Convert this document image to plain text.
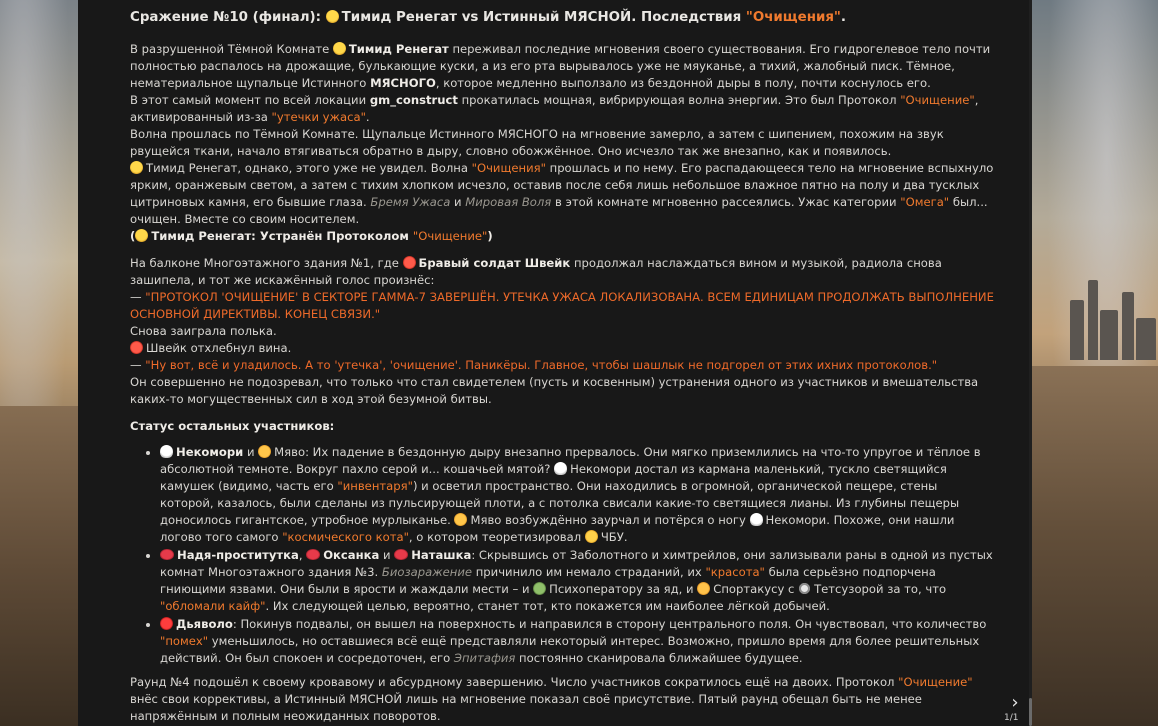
Сражение №10 (финал): Тимид Ренегат vs Истинный МЯСНОЙ. Последствия "Очищения".
В разрушенной Тёмной Комнате Тимид Ренегат переживал последние мгновения своего существования. Его гидрогелевое тело почти полностью распалось на дрожащие, булькающие куски, а из его рта вырывалось уже не мяуканье, а тихий, жалобный писк. Тёмное, нематериальное щупальце Истинного МЯСНОГО, которое медленно выползало из бездонной дыры в полу, почти коснулось его.
В этот самый момент по всей локации gm_construct прокатилась мощная, вибрирующая волна энергии. Это был Протокол "Очищение", активированный из-за "утечки ужаса".
Волна прошлась по Тёмной Комнате. Щупальце Истинного МЯСНОГО на мгновение замерло, а затем с шипением, похожим на звук рвущейся ткани, начало втягиваться обратно в дыру, словно обожжённое. Оно исчезло так же внезапно, как и появилось.
Тимид Ренегат, однако, этого уже не увидел. Волна "Очищения" прошлась и по нему. Его распадающееся тело на мгновение вспыхнуло ярким, оранжевым светом, а затем с тихим хлопком исчезло, оставив после себя лишь небольшое влажное пятно на полу и два тусклых цитриновых камня, его бывшие глаза. Бремя Ужаса и Мировая Воля в этой комнате мгновенно рассеялись. Ужас категории "Омега" был... очищен. Вместе со своим носителем.
( Тимид Ренегат: Устранён Протоколом "Очищение")
На балконе Многоэтажного здания №1, где Бравый солдат Швейк продолжал наслаждаться вином и музыкой, радиола снова зашипела, и тот же искажённый голос произнёс:
— "ПРОТОКОЛ 'ОЧИЩЕНИЕ' В СЕКТОРЕ ГАММА-7 ЗАВЕРШЁН. УТЕЧКА УЖАСА ЛОКАЛИЗОВАНА. ВСЕМ ЕДИНИЦАМ ПРОДОЛЖАТЬ ВЫПОЛНЕНИЕ ОСНОВНОЙ ДИРЕКТИВЫ. КОНЕЦ СВЯЗИ."
Снова заиграла полька.
Швейк отхлебнул вина.
— "Ну вот, всё и уладилось. А то 'утечка', 'очищение'. Паникёры. Главное, чтобы шашлык не подгорел от этих ихних протоколов."
Он совершенно не подозревал, что только что стал свидетелем (пусть и косвенным) устранения одного из участников и вмешательства каких-то могущественных сил в ход этой безумной битвы.

Статус остальных участников:

• Некомори и Мяво: Их падение в бездонную дыру внезапно прервалось. Они мягко приземлились на что-то упругое и тёплое в абсолютной темноте. Вокруг пахло серой и... кошачьей мятой? Некомори достал из кармана маленький, тускло светящийся камушек (видимо, часть его "инвентаря") и осветил пространство. Они находились в огромной, органической пещере, стены которой, казалось, были сделаны из пульсирующей плоти, а с потолка свисали какие-то светящиеся лианы. Из глубины пещеры доносилось гигантское, утробное мурлыканье. Мяво возбуждённо заурчал и потёрся о ногу Некомори. Похоже, они нашли логово того самого "космического кота", о котором теоретизировал ЧБУ.
• Надя-проститутка, Оксанка и Наташка: Скрывшись от Заболотного и химтрейлов, они зализывали раны в одной из пустых комнат Многоэтажного здания №3. Биозаражение причинило им немало страданий, их "красота" была серьёзно подпорчена гниющими язвами. Они были в ярости и жаждали мести – и Психоператору за яд, и Спортакусу с Тетсузорой за то, что "обломали кайф". Их следующей целью, вероятно, станет тот, кто покажется им наиболее лёгкой добычей.
• Дьяволо: Покинув подвалы, он вышел на поверхность и направился в сторону центрального поля. Он чувствовал, что количество "помех" уменьшилось, но оставшиеся всё ещё представляли некоторый интерес. Возможно, пришло время для более решительных действий. Он был спокоен и сосредоточен, его Эпитафия постоянно сканировала ближайшее будущее.

Раунд №4 подошёл к своему кровавому и абсурдному завершению. Число участников сократилось ещё на двоих. Протокол "Очищение" внёс свои коррективы, а Истинный МЯСНОЙ лишь на мгновение показал своё присутствие. Пятый раунд обещал быть не менее напряжённым и полным неожиданных поворотов.

›
1/1
